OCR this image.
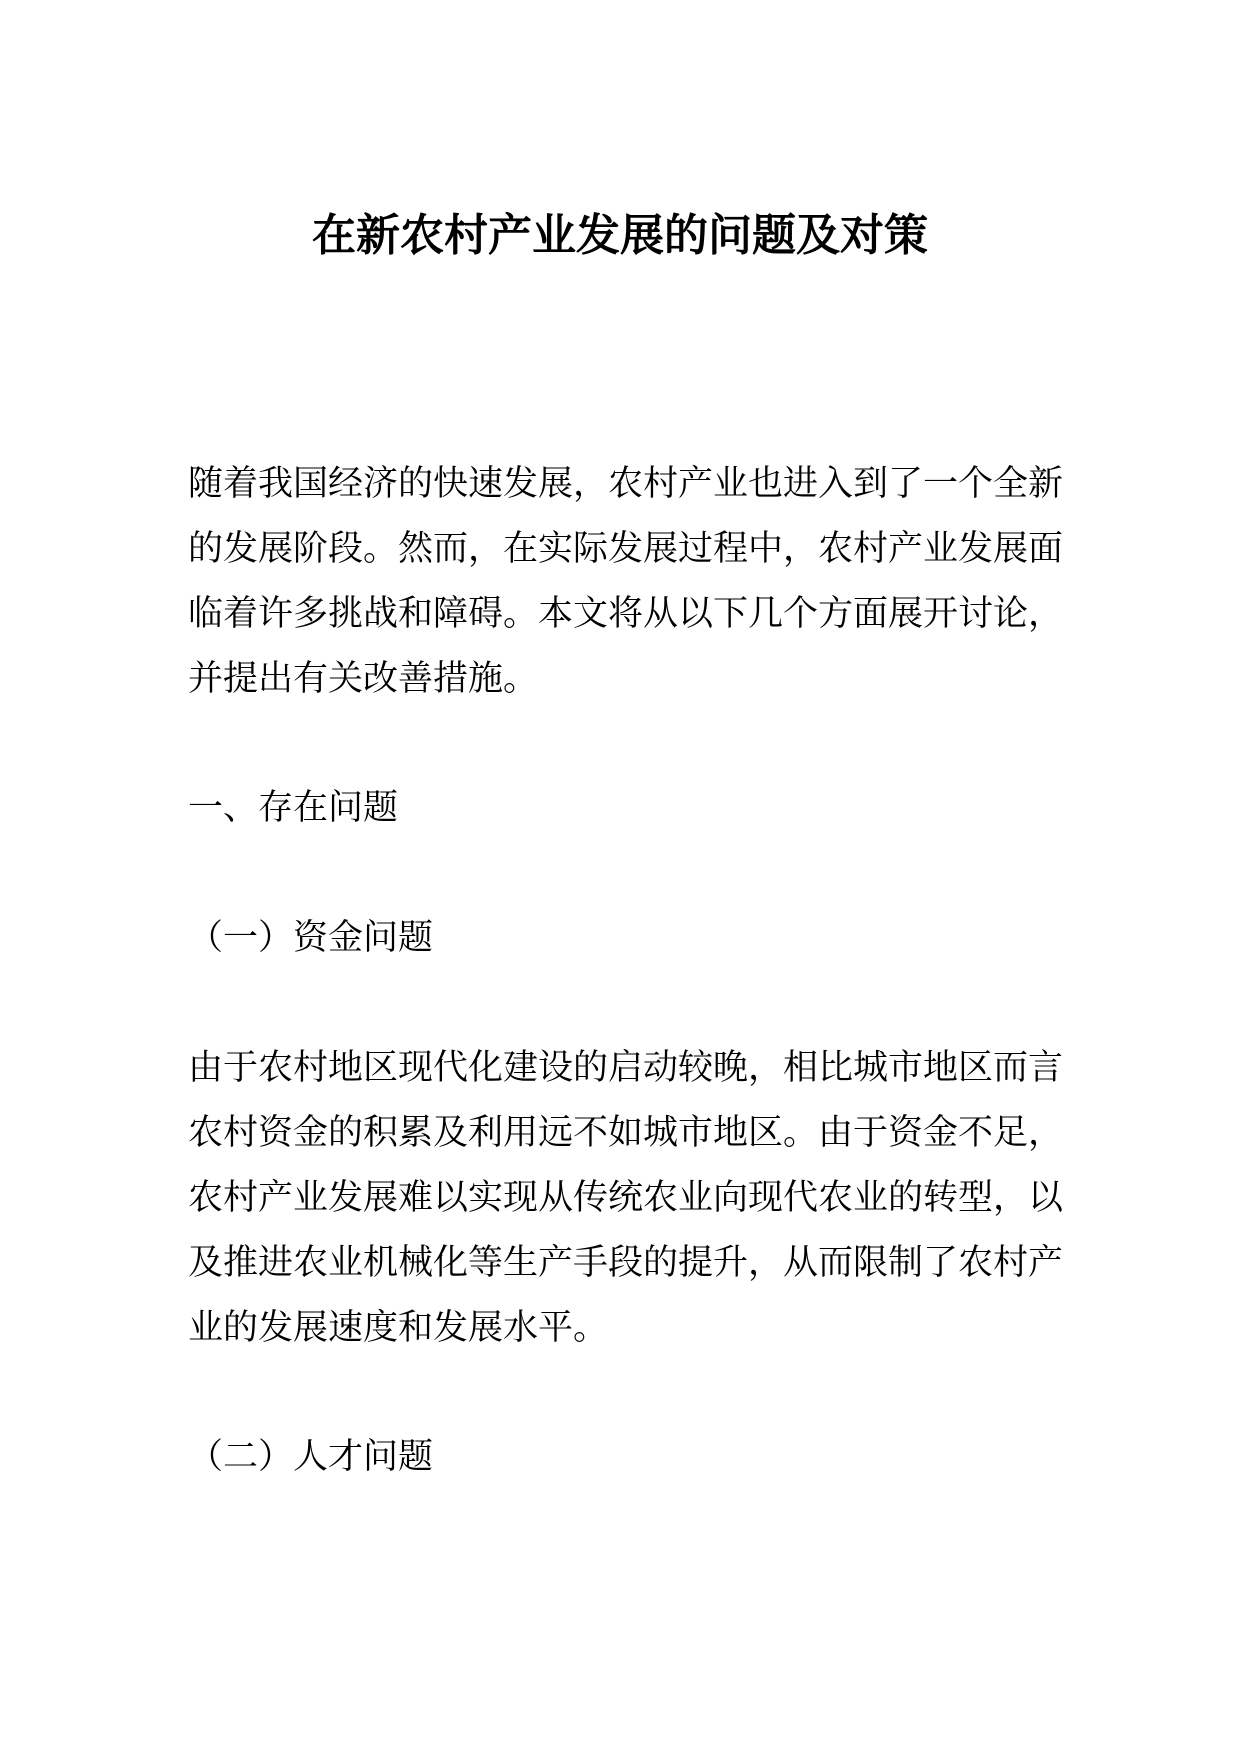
在新农村产业发展的问题及对策

随着我国经济的快速发展，农村产业也进入到了一个全新
的发展阶段。然而，在实际发展过程中，农村产业发展面
临着许多挑战和障碍。本文将从以下几个方面展开讨论，
并提出有关改善措施。

一、存在问题
（一）资金问题

由于农村地区现代化建设的启动较晚，相比城市地区而言
农村资金的积累及利用远不如城市地区。由于资金不足，
农村产业发展难以实现从传统农业向现代农业的转型，以
及推进农业机械化等生产手段的提升，从而限制了农村产
业的发展速度和发展水平。

（二）人才问题
